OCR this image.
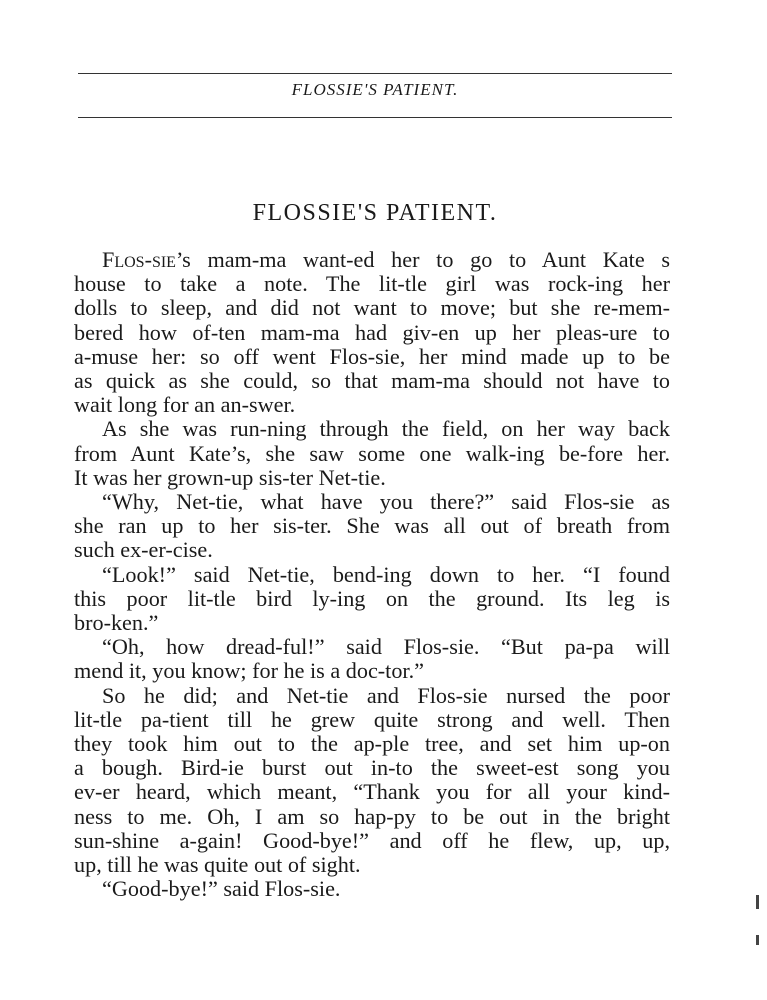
FLOSSIE'S PATIENT.
FLOSSIE'S PATIENT.
Flos-sie’s mam-ma want-ed her to go to Aunt Kate s
house to take a note. The lit-tle girl was rock-ing her
dolls to sleep, and did not want to move; but she re-mem-
bered how of-ten mam-ma had giv-en up her pleas-ure to
a-muse her: so off went Flos-sie, her mind made up to be
as quick as she could, so that mam-ma should not have to
wait long for an an-swer.
As she was run-ning through the field, on her way back
from Aunt Kate’s, she saw some one walk-ing be-fore her.
It was her grown-up sis-ter Net-tie.
“Why, Net-tie, what have you there?” said Flos-sie as
she ran up to her sis-ter. She was all out of breath from
such ex-er-cise.
“Look!” said Net-tie, bend-ing down to her. “I found
this poor lit-tle bird ly-ing on the ground. Its leg is
bro-ken.”
“Oh, how dread-ful!” said Flos-sie. “But pa-pa will
mend it, you know; for he is a doc-tor.”
So he did; and Net-tie and Flos-sie nursed the poor
lit-tle pa-tient till he grew quite strong and well. Then
they took him out to the ap-ple tree, and set him up-on
a bough. Bird-ie burst out in-to the sweet-est song you
ev-er heard, which meant, “Thank you for all your kind-
ness to me. Oh, I am so hap-py to be out in the bright
sun-shine a-gain! Good-bye!” and off he flew, up, up,
up, till he was quite out of sight.
“Good-bye!” said Flos-sie.
